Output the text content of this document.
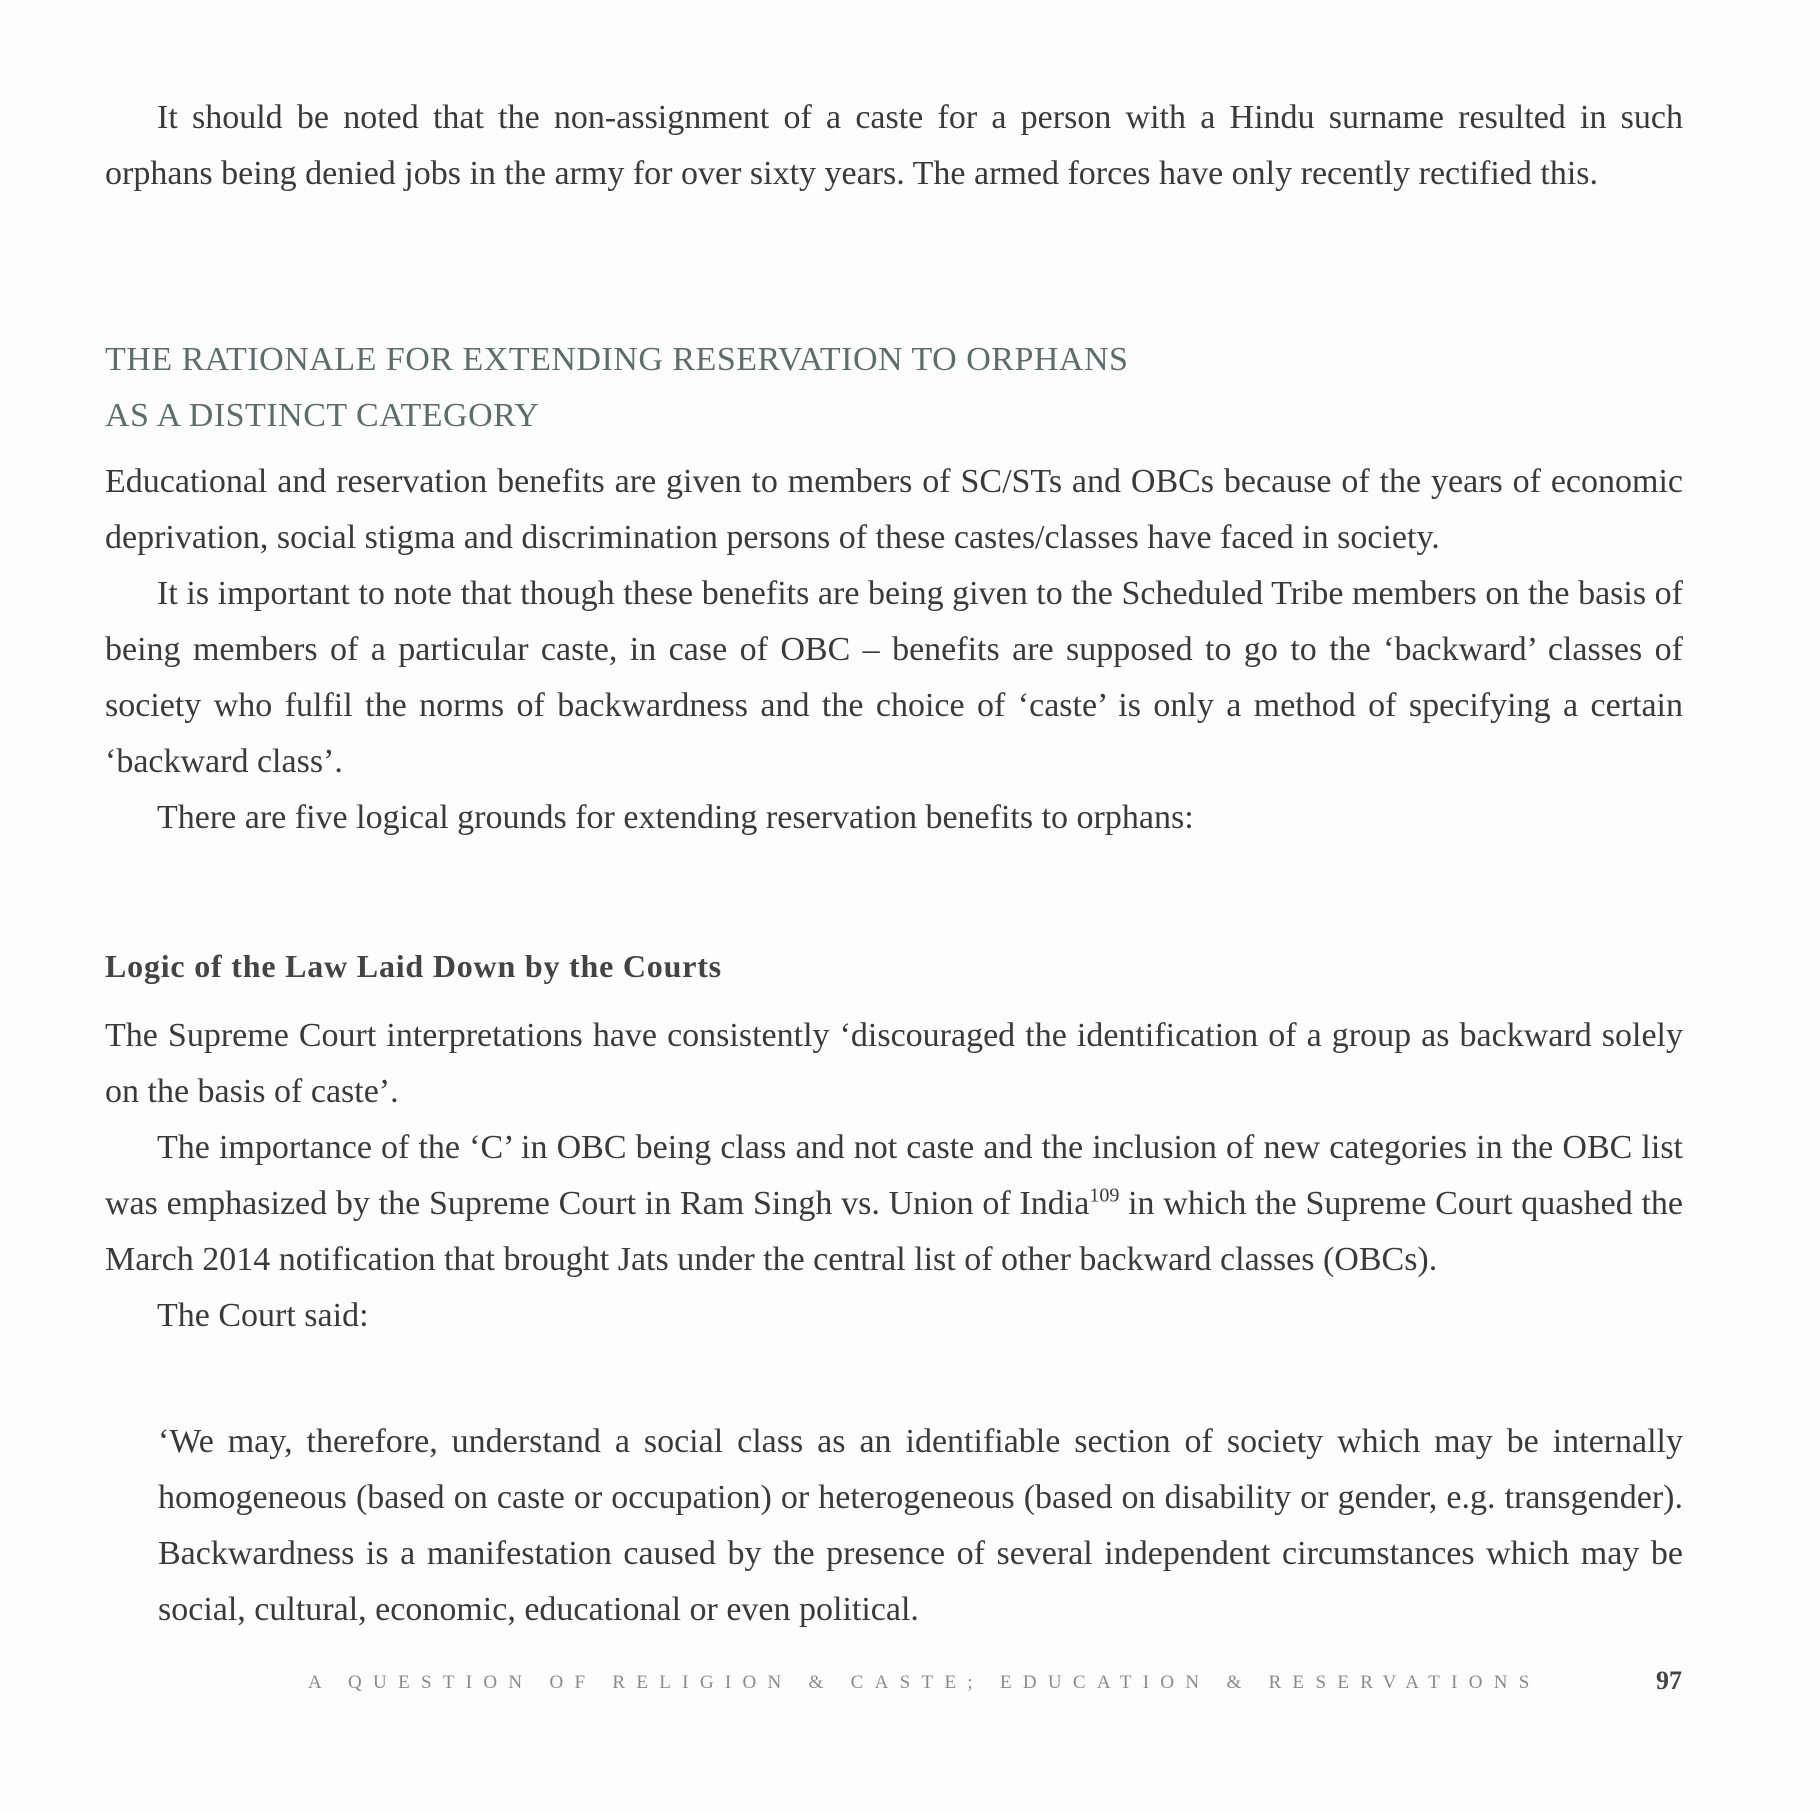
It should be noted that the non-assignment of a caste for a person with a Hindu surname resulted in such orphans being denied jobs in the army for over sixty years. The armed forces have only recently rectified this.

THE RATIONALE FOR EXTENDING RESERVATION TO ORPHANS
AS A DISTINCT CATEGORY

Educational and reservation benefits are given to members of SC/STs and OBCs because of the years of economic deprivation, social stigma and discrimination persons of these castes/classes have faced in society.

It is important to note that though these benefits are being given to the Scheduled Tribe members on the basis of being members of a particular caste, in case of OBC – benefits are supposed to go to the ‘backward’ classes of society who fulfil the norms of backwardness and the choice of ‘caste’ is only a method of specifying a certain ‘backward class’.

There are five logical grounds for extending reservation benefits to orphans:

Logic of the Law Laid Down by the Courts

The Supreme Court interpretations have consistently ‘discouraged the identification of a group as backward solely on the basis of caste’.

The importance of the ‘C’ in OBC being class and not caste and the inclusion of new categories in the OBC list was emphasized by the Supreme Court in Ram Singh vs. Union of India$^{109}$ in which the Supreme Court quashed the March 2014 notification that brought Jats under the central list of other backward classes (OBCs).

The Court said:

‘We may, therefore, understand a social class as an identifiable section of society which may be internally homogeneous (based on caste or occupation) or heterogeneous (based on disability or gender, e.g. transgender). Backwardness is a manifestation caused by the presence of several independent circumstances which may be social, cultural, economic, educational or even political.

A QUESTION OF RELIGION & CASTE; EDUCATION & RESERVATIONS	97
